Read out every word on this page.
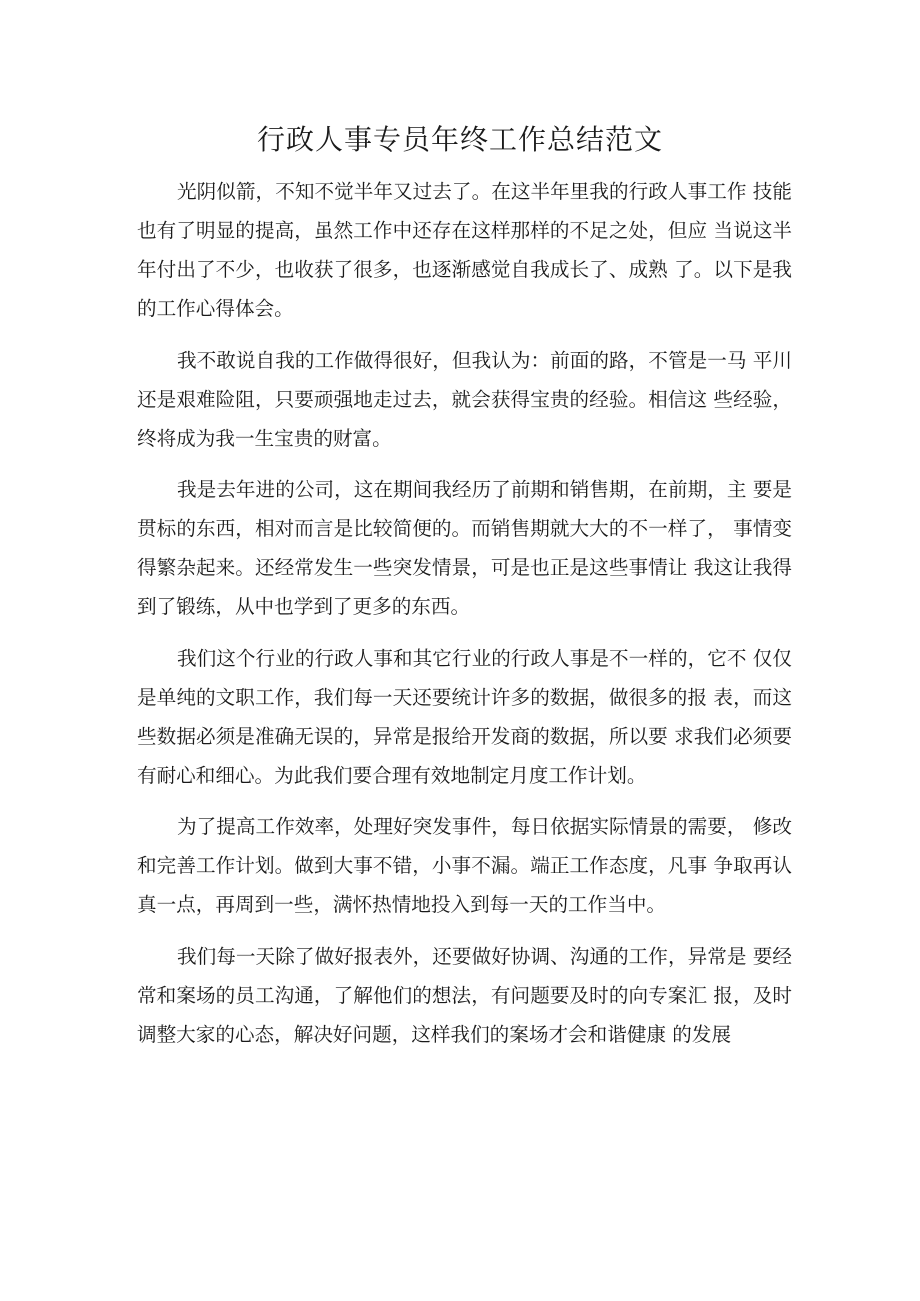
行政人事专员年终工作总结范文

光阴似箭，不知不觉半年又过去了。在这半年里我的行政人事工作 技能也有了明显的提高，虽然工作中还存在这样那样的不足之处，但应 当说这半年付出了不少，也收获了很多，也逐渐感觉自我成长了、成熟 了。以下是我的工作心得体会。

我不敢说自我的工作做得很好，但我认为：前面的路，不管是一马 平川还是艰难险阻，只要顽强地走过去，就会获得宝贵的经验。相信这 些经验，终将成为我一生宝贵的财富。

我是去年进的公司，这在期间我经历了前期和销售期，在前期，主 要是贯标的东西，相对而言是比较简便的。而销售期就大大的不一样了， 事情变得繁杂起来。还经常发生一些突发情景，可是也正是这些事情让 我这让我得到了锻练，从中也学到了更多的东西。

我们这个行业的行政人事和其它行业的行政人事是不一样的，它不 仅仅是单纯的文职工作，我们每一天还要统计许多的数据，做很多的报 表，而这些数据必须是准确无误的，异常是报给开发商的数据，所以要 求我们必须要有耐心和细心。为此我们要合理有效地制定月度工作计划。

为了提高工作效率，处理好突发事件，每日依据实际情景的需要， 修改和完善工作计划。做到大事不错，小事不漏。端正工作态度，凡事 争取再认真一点，再周到一些，满怀热情地投入到每一天的工作当中。

我们每一天除了做好报表外，还要做好协调、沟通的工作，异常是 要经常和案场的员工沟通，了解他们的想法，有问题要及时的向专案汇 报，及时调整大家的心态，解决好问题，这样我们的案场才会和谐健康 的发展
